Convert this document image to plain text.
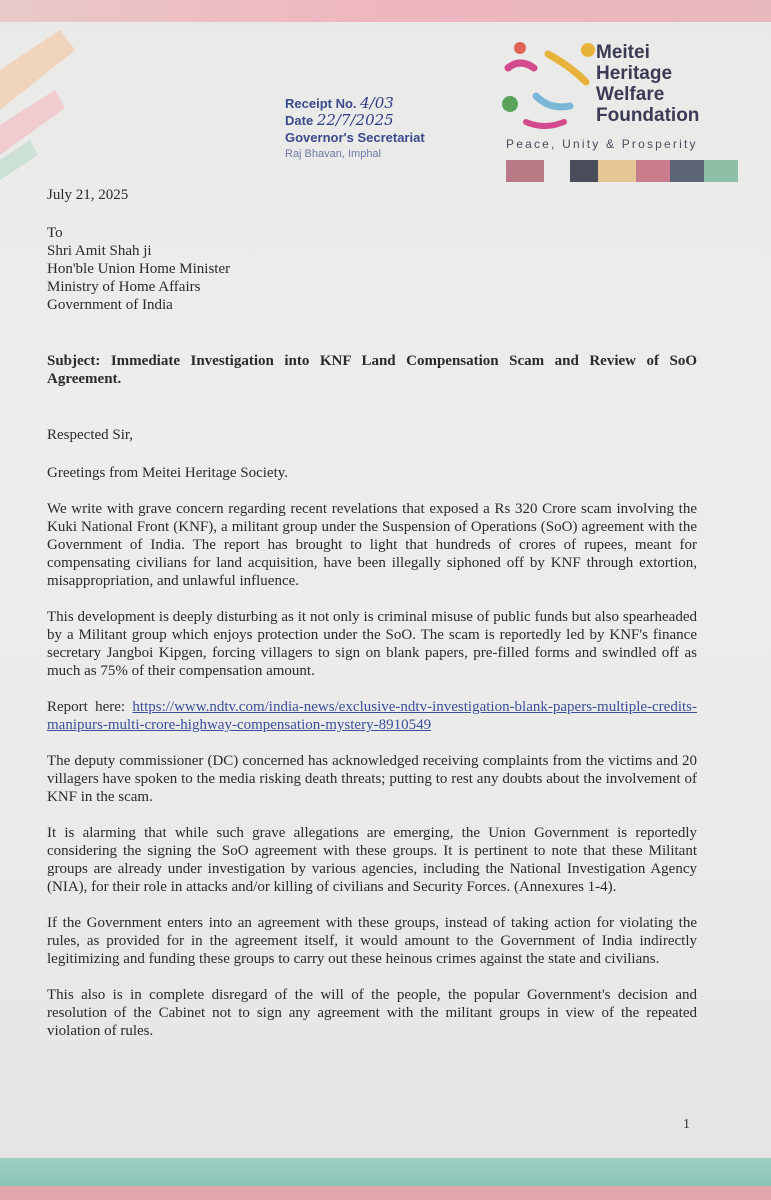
Meitei
Heritage
Welfare
Foundation
Peace, Unity & Prosperity
Receipt No. 4/03
Date 22/7/2025
Governor's Secretariat
Raj Bhavan, Imphal

July 21, 2025

To

Shri Amit Shah ji

Hon'ble Union Home Minister

Ministry of Home Affairs

Government of India

Subject: Immediate Investigation into KNF Land Compensation Scam and Review of SoO Agreement.

Respected Sir,

Greetings from Meitei Heritage Society.

We write with grave concern regarding recent revelations that exposed a Rs 320 Crore scam involving the Kuki National Front (KNF), a militant group under the Suspension of Operations (SoO) agreement with the Government of India. The report has brought to light that hundreds of crores of rupees, meant for compensating civilians for land acquisition, have been illegally siphoned off by KNF through extortion, misappropriation, and unlawful influence.

This development is deeply disturbing as it not only is criminal misuse of public funds but also spearheaded by a Militant group which enjoys protection under the SoO. The scam is reportedly led by KNF's finance secretary Jangboi Kipgen, forcing villagers to sign on blank papers, pre-filled forms and swindled off as much as 75% of their compensation amount.

Report here: https://www.ndtv.com/india-news/exclusive-ndtv-investigation-blank-papers-multiple-credits-manipurs-multi-crore-highway-compensation-mystery-8910549

The deputy commissioner (DC) concerned has acknowledged receiving complaints from the victims and 20 villagers have spoken to the media risking death threats; putting to rest any doubts about the involvement of KNF in the scam.

It is alarming that while such grave allegations are emerging, the Union Government is reportedly considering the signing the SoO agreement with these groups. It is pertinent to note that these Militant groups are already under investigation by various agencies, including the National Investigation Agency (NIA), for their role in attacks and/or killing of civilians and Security Forces. (Annexures 1-4).

If the Government enters into an agreement with these groups, instead of taking action for violating the rules, as provided for in the agreement itself, it would amount to the Government of India indirectly legitimizing and funding these groups to carry out these heinous crimes against the state and civilians.

This also is in complete disregard of the will of the people, the popular Government's decision and resolution of the Cabinet not to sign any agreement with the militant groups in view of the repeated violation of rules.

1
